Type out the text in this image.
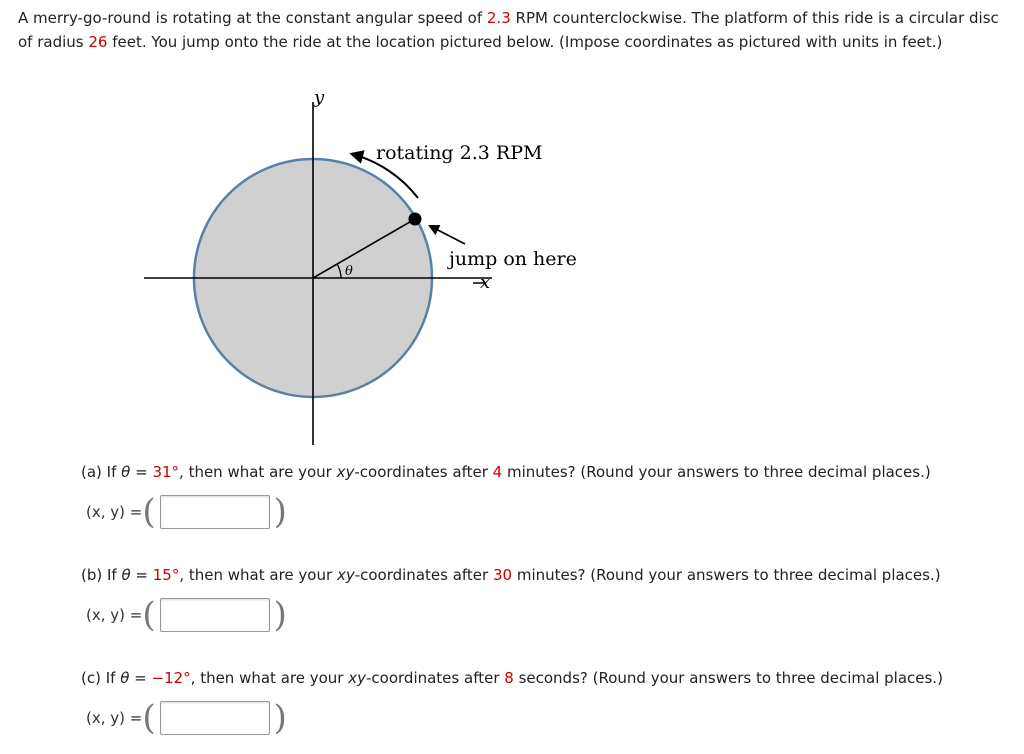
A merry-go-round is rotating at the constant angular speed of 2.3 RPM counterclockwise. The platform of this ride is a circular disc of radius 26 feet. You jump onto the ride at the location pictured below. (Impose coordinates as pictured with units in feet.)

y
x
θ
rotating 2.3 RPM
jump on here

(a) If θ = 31°, then what are your xy-coordinates after 4 minutes? (Round your answers to three decimal places.)

(x, y) = (	)

(b) If θ = 15°, then what are your xy-coordinates after 30 minutes? (Round your answers to three decimal places.)

(x, y) = (	)

(c) If θ = −12°, then what are your xy-coordinates after 8 seconds? (Round your answers to three decimal places.)

(x, y) = (	)
